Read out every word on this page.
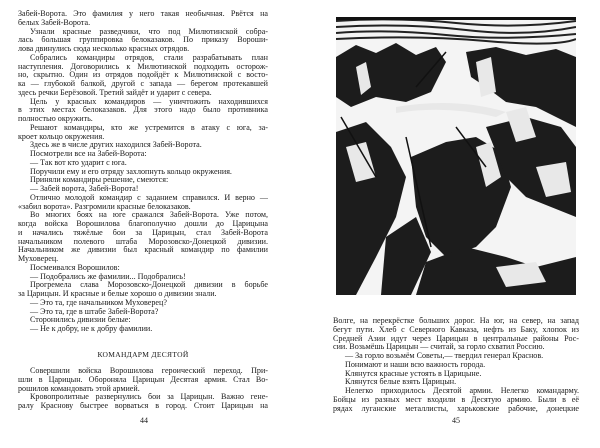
Забей-Ворота. Это фамилия у него такая необычная. Рвётся на
белых Забей-Ворота.
Узнали красные разведчики, что под Милютинской собра-
лась большая группировка белоказаков. По приказу Вороши-
лова двинулись сюда несколько красных отрядов.
Собрались командиры отрядов, стали разрабатывать план
наступления. Договорились к Милютинской подходить осторож-
но, скрытно. Один из отрядов подойдёт к Милютинской с восто-
ка — глубокой балкой, другой с запада — берегом протекавшей
здесь речки Берёзовой. Третий зайдёт и ударит с севера.
Цель у красных командиров — уничтожить находившихся
в этих местах белоказаков. Для этого надо было противника
полностью окружить.
Решают командиры, кто же устремится в атаку с юга, за-
кроет кольцо окружения.
Здесь же в числе других находился Забей-Ворота.
Посмотрели все на Забей-Ворота:
— Так вот кто ударит с юга.
Поручили ему и его отряду захлопнуть кольцо окружения.
Приняли командиры решение, смеются:
— Забей ворота, Забей-Ворота!
Отлично молодой командир с заданием справился. И верно —
«забил ворота». Разгромили красные белоказаков.
Во многих боях на юге сражался Забей-Ворота. Уже потом,
когда войска Ворошилова благополучно дошли до Царицына
и начались тяжёлые бои за Царицын, стал Забей-Ворота
начальником полевого штаба Морозовско-Донецкой дивизии.
Начальником же дивизии был красный командир по фамилии
Муховерец.
Посмеивался Ворошилов:
— Подобрались же фамилии... Подобрались!
Прогремела слава Морозовско-Донецкой дивизии в борьбе
за Царицын. И красные и белые хорошо о дивизии знали.
— Это та, где начальником Муховерец?
— Это та, где в штабе Забей-Ворота?
Сторонились дивизии белые:
— Не к добру, не к добру фамилии.
КОМАНДАРМ ДЕСЯТОЙ
Совершили войска Ворошилова героический переход. При-
шли в Царицын. Обороняла Царицын Десятая армия. Стал Во-
рошилов командовать этой армией.
Кровопролитные развернулись бои за Царицын. Важно гене-
ралу Краснову быстрее ворваться в город. Стоит Царицын на
44
Волге, на перекрёстке больших дорог. На юг, на север, на запад
бегут пути. Хлеб с Северного Кавказа, нефть из Баку, хлопок из
Средней Азии идут через Царицын в центральные районы Рос-
сии. Возьмёшь Царицын — считай, за горло схватил Россию.
— За горло возьмём Советы,— твердил генерал Краснов.
Понимают и наши всю важность города.
Клянутся красные устоять в Царицыне.
Клянутся белые взять Царицын.
Нелегко приходилось Десятой армии. Нелегко командарму.
Бойцы из разных мест входили в Десятую армию. Были в её
рядах луганские металлисты, харьковские рабочие, донецкие
45
